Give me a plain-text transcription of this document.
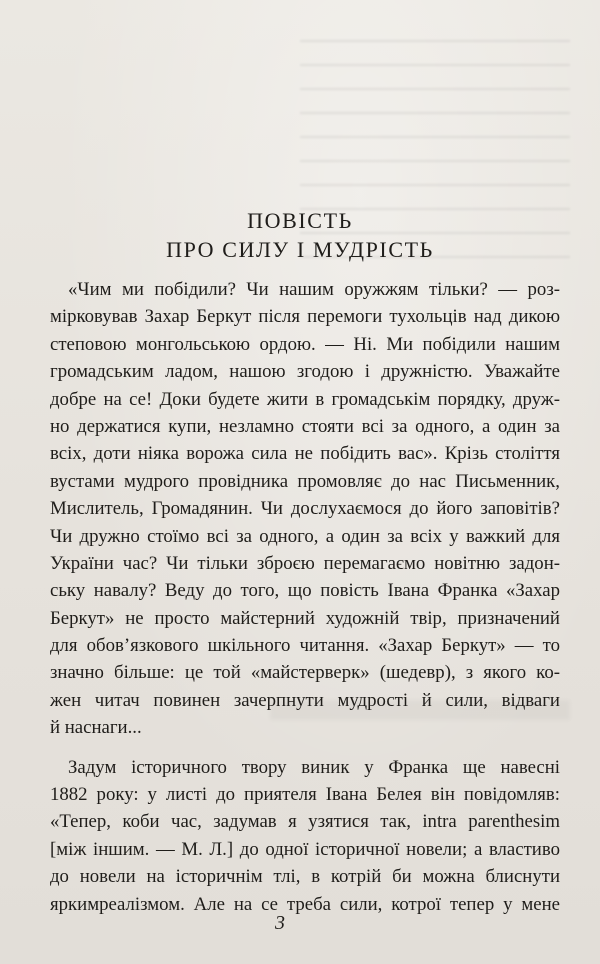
ПОВІСТЬ
ПРО СИЛУ І МУДРІСТЬ
«Чим ми побідили? Чи нашим оружжям тільки? — роз-
мірковував Захар Беркут після перемоги тухольців над дикою
степовою монгольською ордою. — Ні. Ми побідили нашим
громадським ладом, нашою згодою і дружністю. Уважайте
добре на се! Доки будете жити в громадськім порядку, друж-
но держатися купи, незламно стояти всі за одного, а один за
всіх, доти ніяка ворожа сила не побідить вас». Крізь століття
вустами мудрого провідника промовляє до нас Письменник,
Мислитель, Громадянин. Чи дослухаємося до його заповітів?
Чи дружно стоїмо всі за одного, а один за всіх у важкий для
України час? Чи тільки зброєю перемагаємо новітню задон-
ську навалу? Веду до того, що повість Івана Франка «Захар
Беркут» не просто майстерний художній твір, призначений
для обов’язкового шкільного читання. «Захар Беркут» — то
значно більше: це той «майстерверк» (шедевр), з якого ко-
жен читач повинен зачерпнути мудрості й сили, відваги
й наснаги...
Задум історичного твору виник у Франка ще навесні
1882 року: у листі до приятеля Івана Белея він повідомляв:
«Тепер, коби час, задумав я узятися так, intra parenthesim
[між іншим. — М. Л.] до одної історичної новели; а властиво
до новели на історичнім тлі, в котрій би можна блиснути
яркимреалізмом. Але на се треба сили, котрої тепер у мене
3
